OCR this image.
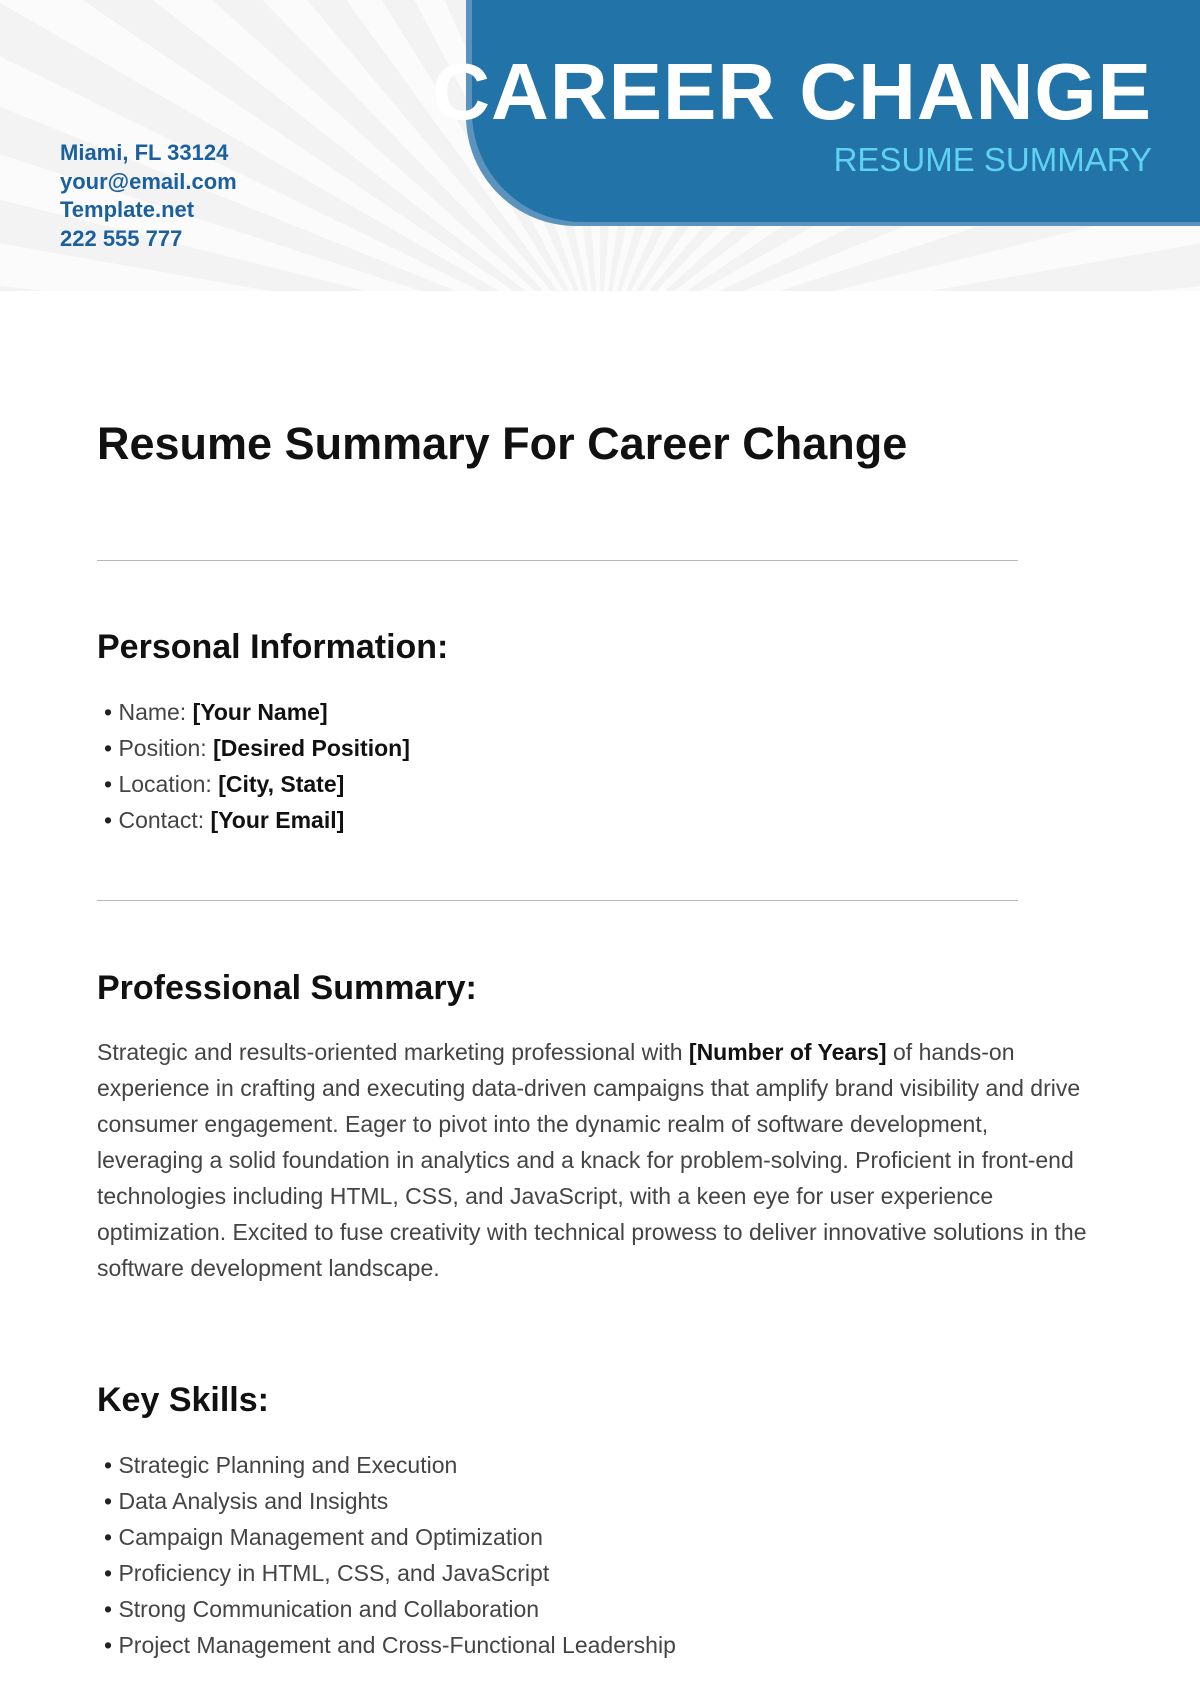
CAREER CHANGE
RESUME SUMMARY
Miami, FL 33124
your@email.com
Template.net
222 555 777
Resume Summary For Career Change
Personal Information:
• Name: [Your Name]
• Position: [Desired Position]
• Location: [City, State]
• Contact: [Your Email]
Professional Summary:

Strategic and results-oriented marketing professional with [Number of Years] of hands-on experience in crafting and executing data-driven campaigns that amplify brand visibility and drive consumer engagement. Eager to pivot into the dynamic realm of software development, leveraging a solid foundation in analytics and a knack for problem-solving. Proficient in front-end technologies including HTML, CSS, and JavaScript, with a keen eye for user experience optimization. Excited to fuse creativity with technical prowess to deliver innovative solutions in the software development landscape.

Key Skills:
• Strategic Planning and Execution
• Data Analysis and Insights
• Campaign Management and Optimization
• Proficiency in HTML, CSS, and JavaScript
• Strong Communication and Collaboration
• Project Management and Cross-Functional Leadership
